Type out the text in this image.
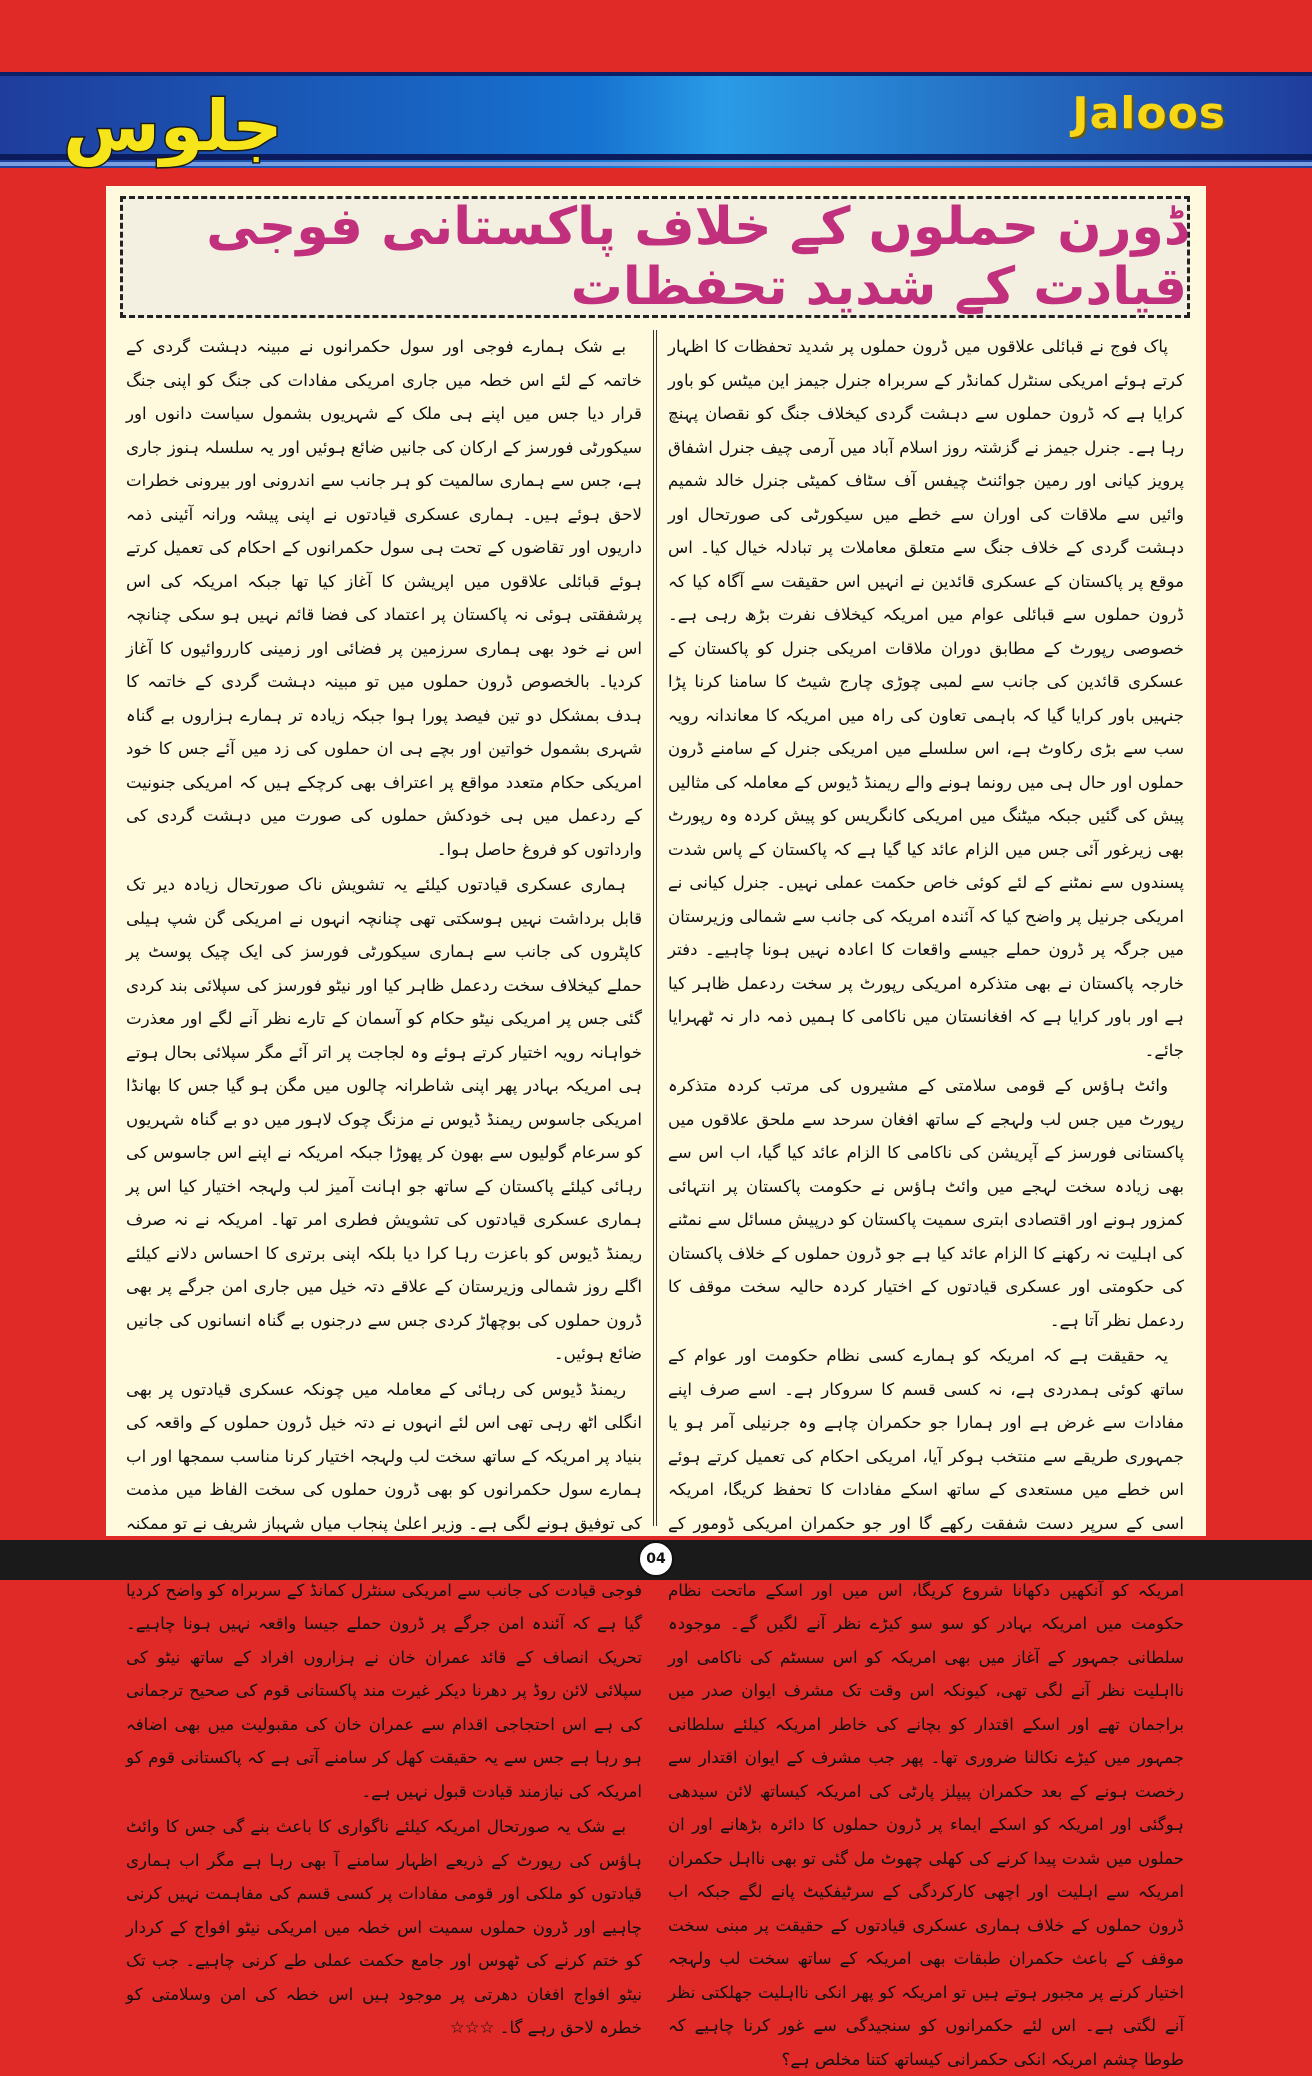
جلوس	Jaloos
ڈورن حملوں کے خلاف پاکستانی فوجی قیادت کے شدید تحفظات

پاک فوج نے قبائلی علاقوں میں ڈرون حملوں پر شدید تحفظات کا اظہار کرتے ہوئے امریکی سنٹرل کمانڈر کے سربراہ جنرل جیمز این میٹس کو باور کرایا ہے کہ ڈرون حملوں سے دہشت گردی کیخلاف جنگ کو نقصان پہنچ رہا ہے۔ جنرل جیمز نے گزشتہ روز اسلام آباد میں آرمی چیف جنرل اشفاق پرویز کیانی اور رمین جوائنٹ چیفس آف سٹاف کمیٹی جنرل خالد شمیم وائیں سے ملاقات کی اوران سے خطے میں سیکورٹی کی صورتحال اور دہشت گردی کے خلاف جنگ سے متعلق معاملات پر تبادلہ خیال کیا۔ اس موقع پر پاکستان کے عسکری قائدین نے انہیں اس حقیقت سے آگاہ کیا کہ ڈرون حملوں سے قبائلی عوام میں امریکہ کیخلاف نفرت بڑھ رہی ہے۔ خصوصی رپورٹ کے مطابق دوران ملاقات امریکی جنرل کو پاکستان کے عسکری قائدین کی جانب سے لمبی چوڑی چارج شیٹ کا سامنا کرنا پڑا جنہیں باور کرایا گیا کہ باہمی تعاون کی راہ میں امریکہ کا معاندانہ رویہ سب سے بڑی رکاوٹ ہے، اس سلسلے میں امریکی جنرل کے سامنے ڈرون حملوں اور حال ہی میں رونما ہونے والے ریمنڈ ڈیوس کے معاملہ کی مثالیں پیش کی گئیں جبکہ میٹنگ میں امریکی کانگریس کو پیش کردہ وہ رپورٹ بھی زیرغور آئی جس میں الزام عائد کیا گیا ہے کہ پاکستان کے پاس شدت پسندوں سے نمٹنے کے لئے کوئی خاص حکمت عملی نہیں۔ جنرل کیانی نے امریکی جرنیل پر واضح کیا کہ آئندہ امریکہ کی جانب سے شمالی وزیرستان میں جرگہ پر ڈرون حملے جیسے واقعات کا اعادہ نہیں ہونا چاہیے۔ دفتر خارجہ پاکستان نے بھی متذکرہ امریکی رپورٹ پر سخت ردعمل ظاہر کیا ہے اور باور کرایا ہے کہ افغانستان میں ناکامی کا ہمیں ذمہ دار نہ ٹھہرایا جائے۔

وائٹ ہاؤس کے قومی سلامتی کے مشیروں کی مرتب کردہ متذکرہ رپورٹ میں جس لب ولہجے کے ساتھ افغان سرحد سے ملحق علاقوں میں پاکستانی فورسز کے آپریشن کی ناکامی کا الزام عائد کیا گیا، اب اس سے بھی زیادہ سخت لہجے میں وائٹ ہاؤس نے حکومت پاکستان پر انتہائی کمزور ہونے اور اقتصادی ابتری سمیت پاکستان کو درپیش مسائل سے نمٹنے کی اہلیت نہ رکھنے کا الزام عائد کیا ہے جو ڈرون حملوں کے خلاف پاکستان کی حکومتی اور عسکری قیادتوں کے اختیار کردہ حالیہ سخت موقف کا ردعمل نظر آتا ہے۔

یہ حقیقت ہے کہ امریکہ کو ہمارے کسی نظام حکومت اور عوام کے ساتھ کوئی ہمدردی ہے، نہ کسی قسم کا سروکار ہے۔ اسے صرف اپنے مفادات سے غرض ہے اور ہمارا جو حکمران چاہے وہ جرنیلی آمر ہو یا جمہوری طریقے سے منتخب ہوکر آیا، امریکی احکام کی تعمیل کرتے ہوئے اس خطے میں مستعدی کے ساتھ اسکے مفادات کا تحفظ کریگا، امریکہ اسی کے سرپر دست شفقت رکھے گا اور جو حکمران امریکی ڈومور کے امریکہ کو آنکھیں دکھانا شروع کریگا، اس میں اور اسکے ماتحت نظام حکومت میں امریکہ بہادر کو سو سو کیڑے نظر آنے لگیں گے۔ موجودہ سلطانی جمہور کے آغاز میں بھی امریکہ کو اس سسٹم کی ناکامی اور نااہلیت نظر آنے لگی تھی، کیونکہ اس وقت تک مشرف ایوان صدر میں براجمان تھے اور اسکے اقتدار کو بچانے کی خاطر امریکہ کیلئے سلطانی جمہور میں کیڑے نکالنا ضروری تھا۔ پھر جب مشرف کے ایوان اقتدار سے رخصت ہونے کے بعد حکمران پیپلز پارٹی کی امریکہ کیساتھ لائن سیدھی ہوگئی اور امریکہ کو اسکے ایماء پر ڈرون حملوں کا دائرہ بڑھانے اور ان حملوں میں شدت پیدا کرنے کی کھلی چھوٹ مل گئی تو بھی نااہل حکمران امریکہ سے اہلیت اور اچھی کارکردگی کے سرٹیفکیٹ پانے لگے جبکہ اب ڈرون حملوں کے خلاف ہماری عسکری قیادتوں کے حقیقت پر مبنی سخت موقف کے باعث حکمران طبقات بھی امریکہ کے ساتھ سخت لب ولہجہ اختیار کرنے پر مجبور ہوتے ہیں تو امریکہ کو پھر انکی نااہلیت جھلکتی نظر آنے لگتی ہے۔ اس لئے حکمرانوں کو سنجیدگی سے غور کرنا چاہیے کہ طوطا چشم امریکہ انکی حکمرانی کیساتھ کتنا مخلص ہے؟

بے شک ہمارے فوجی اور سول حکمرانوں نے مبینہ دہشت گردی کے خاتمہ کے لئے اس خطہ میں جاری امریکی مفادات کی جنگ کو اپنی جنگ قرار دیا جس میں اپنے ہی ملک کے شہریوں بشمول سیاست دانوں اور سیکورٹی فورسز کے ارکان کی جانیں ضائع ہوئیں اور یہ سلسلہ ہنوز جاری ہے، جس سے ہماری سالمیت کو ہر جانب سے اندرونی اور بیرونی خطرات لاحق ہوئے ہیں۔ ہماری عسکری قیادتوں نے اپنی پیشہ ورانہ آئینی ذمہ داریوں اور تقاضوں کے تحت ہی سول حکمرانوں کے احکام کی تعمیل کرتے ہوئے قبائلی علاقوں میں اپریشن کا آغاز کیا تھا جبکہ امریکہ کی اس پرشفقتی ہوئی نہ پاکستان پر اعتماد کی فضا قائم نہیں ہو سکی چنانچہ اس نے خود بھی ہماری سرزمین پر فضائی اور زمینی کارروائیوں کا آغاز کردیا۔ بالخصوص ڈرون حملوں میں تو مبینہ دہشت گردی کے خاتمہ کا ہدف بمشکل دو تین فیصد پورا ہوا جبکہ زیادہ تر ہمارے ہزاروں بے گناہ شہری بشمول خواتین اور بچے ہی ان حملوں کی زد میں آئے جس کا خود امریکی حکام متعدد مواقع پر اعتراف بھی کرچکے ہیں کہ امریکی جنونیت کے ردعمل میں ہی خودکش حملوں کی صورت میں دہشت گردی کی وارداتوں کو فروغ حاصل ہوا۔

ہماری عسکری قیادتوں کیلئے یہ تشویش ناک صورتحال زیادہ دیر تک قابل برداشت نہیں ہوسکتی تھی چنانچہ انہوں نے امریکی گن شپ ہیلی کاپٹروں کی جانب سے ہماری سیکورٹی فورسز کی ایک چیک پوسٹ پر حملے کیخلاف سخت ردعمل ظاہر کیا اور نیٹو فورسز کی سپلائی بند کردی گئی جس پر امریکی نیٹو حکام کو آسمان کے تارے نظر آنے لگے اور معذرت خواہانہ رویہ اختیار کرتے ہوئے وہ لجاجت پر اتر آئے مگر سپلائی بحال ہوتے ہی امریکہ بہادر پھر اپنی شاطرانہ چالوں میں مگن ہو گیا جس کا بھانڈا امریکی جاسوس ریمنڈ ڈیوس نے مزنگ چوک لاہور میں دو بے گناہ شہریوں کو سرعام گولیوں سے بھون کر پھوڑا جبکہ امریکہ نے اپنے اس جاسوس کی رہائی کیلئے پاکستان کے ساتھ جو اہانت آمیز لب ولہجہ اختیار کیا اس پر ہماری عسکری قیادتوں کی تشویش فطری امر تھا۔ امریکہ نے نہ صرف ریمنڈ ڈیوس کو باعزت رہا کرا دیا بلکہ اپنی برتری کا احساس دلانے کیلئے اگلے روز شمالی وزیرستان کے علاقے دتہ خیل میں جاری امن جرگے پر بھی ڈرون حملوں کی بوچھاڑ کردی جس سے درجنوں بے گناہ انسانوں کی جانیں ضائع ہوئیں۔

ریمنڈ ڈیوس کی رہائی کے معاملہ میں چونکہ عسکری قیادتوں پر بھی انگلی اٹھ رہی تھی اس لئے انہوں نے دتہ خیل ڈرون حملوں کے واقعہ کی بنیاد پر امریکہ کے ساتھ سخت لب ولہجہ اختیار کرنا مناسب سمجھا اور اب ہمارے سول حکمرانوں کو بھی ڈرون حملوں کی سخت الفاظ میں مذمت کی توفیق ہونے لگی ہے۔ وزیر اعلیٰ پنجاب میاں شہباز شریف نے تو ممکنہ فوجی قیادت کی جانب سے امریکی سنٹرل کمانڈ کے سربراہ کو واضح کردیا گیا ہے کہ آئندہ امن جرگے پر ڈرون حملے جیسا واقعہ نہیں ہونا چاہیے۔ تحریک انصاف کے قائد عمران خان نے ہزاروں افراد کے ساتھ نیٹو کی سپلائی لائن روڈ پر دھرنا دیکر غیرت مند پاکستانی قوم کی صحیح ترجمانی کی ہے اس احتجاجی اقدام سے عمران خان کی مقبولیت میں بھی اضافہ ہو رہا ہے جس سے یہ حقیقت کھل کر سامنے آتی ہے کہ پاکستانی قوم کو امریکہ کی نیازمند قیادت قبول نہیں ہے۔

بے شک یہ صورتحال امریکہ کیلئے ناگواری کا باعث بنے گی جس کا وائٹ ہاؤس کی رپورٹ کے ذریعے اظہار سامنے آ بھی رہا ہے مگر اب ہماری قیادتوں کو ملکی اور قومی مفادات پر کسی قسم کی مفاہمت نہیں کرنی چاہیے اور ڈرون حملوں سمیت اس خطہ میں امریکی نیٹو افواج کے کردار کو ختم کرنے کی ٹھوس اور جامع حکمت عملی طے کرنی چاہیے۔ جب تک نیٹو افواج افغان دھرتی پر موجود ہیں اس خطہ کی امن وسلامتی کو خطرہ لاحق رہے گا۔ ☆☆☆

04
